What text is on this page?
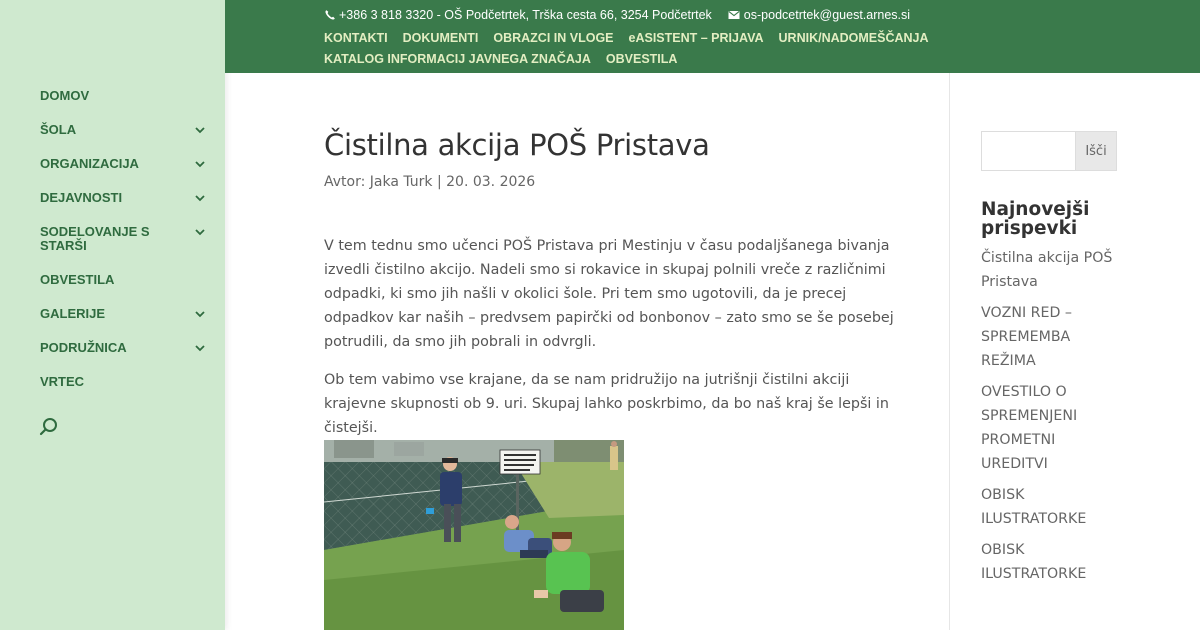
DOMOV
ŠOLA
ORGANIZACIJA
DEJAVNOSTI
SODELOVANJE S STARŠI
OBVESTILA
GALERIJE
PODRUŽNICA
VRTEC
+386 3 818 3320 - OŠ Podčetrtek, Trška cesta 66, 3254 Podčetrtek	os-podcetrtek@guest.arnes.si
KONTAKTI DOKUMENTI OBRAZCI IN VLOGE eASISTENT – PRIJAVA URNIK/NADOMEŠČANJA
KATALOG INFORMACIJ JAVNEGA ZNAČAJA OBVESTILA
Čistilna akcija POŠ Pristava
Avtor: Jaka Turk | 20. 03. 2026

V tem tednu smo učenci POŠ Pristava pri Mestinju v času podaljšanega bivanja izvedli čistilno akcijo. Nadeli smo si rokavice in skupaj polnili vreče z različnimi odpadki, ki smo jih našli v okolici šole. Pri tem smo ugotovili, da je precej odpadkov kar naših – predvsem papirčki od bonbonov – zato smo se še posebej potrudili, da smo jih pobrali in odvrgli.

Ob tem vabimo vse krajane, da se nam pridružijo na jutrišnji čistilni akciji krajevne skupnosti ob 9. uri. Skupaj lahko poskrbimo, da bo naš kraj še lepši in čistejši.

Išči
Najnovejši prispevki
Čistilna akcija POŠ Pristava
VOZNI RED – SPREMEMBA REŽIMA
OVESTILO O SPREMENJENI PROMETNI UREDITVI
OBISK ILUSTRATORKE
OBISK ILUSTRATORKE
